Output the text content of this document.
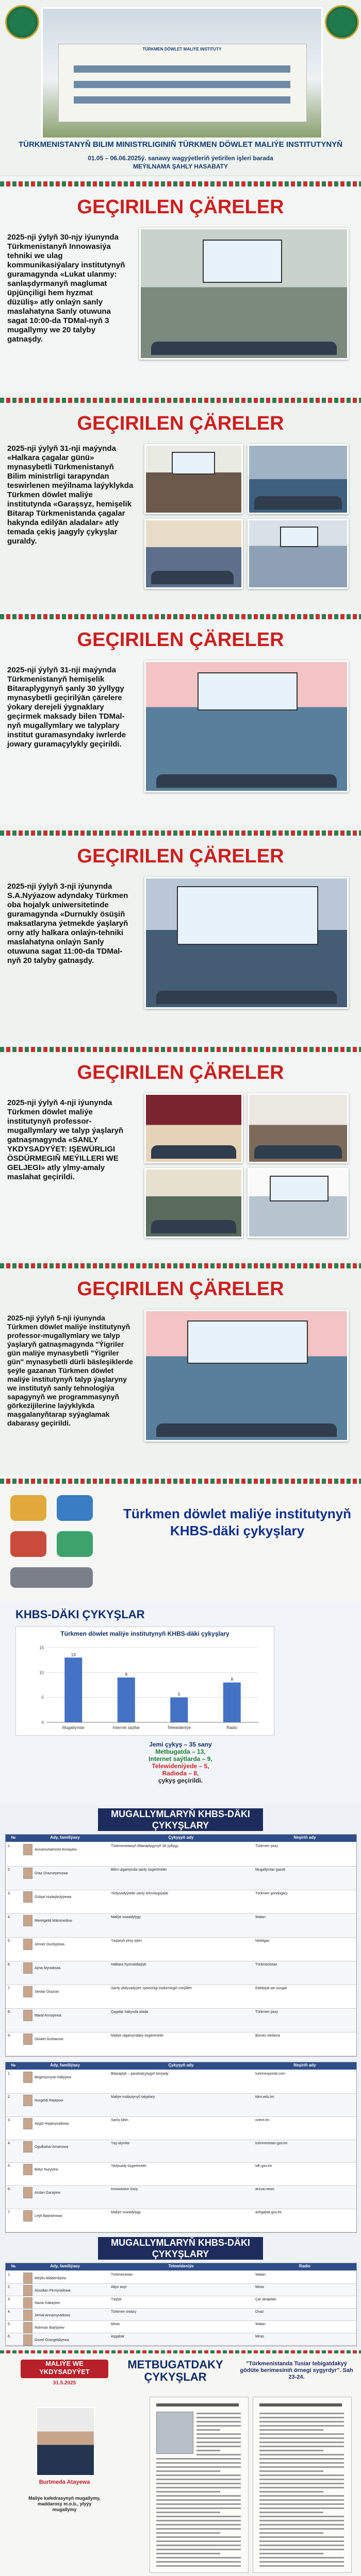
TÜRKMEN DÖWLET MALIÝE INSTITUTY
TÜRKMENISTANYŇ BILIM MINISTRLIGINIŇ TÜRKMEN DÖWLET MALIÝE INSTITUTYNYŇ
01.05 – 06.06.2025ý. sanawy wagyýetleriň ýetirilen işleri barada
MEÝILNAMA ŞAHLY HASABATY
GEÇIRILEN ÇÄRELER
2025-nji ýylyň 30-njy iýunynda Türkmenistanyň Innowasiýa tehniki we ulag kommunikasiýalary institutynyň guramagynda «Lukat ulanmy: sanlaşdyrmanyň maglumat üpjünçiligi hem hyzmat düzüliş» atly onlaýn sanly maslahatyna Sanly otuwuna sagat 10:00-da TDMal-nyň 3 mugallymy we 20 talyby gatnaşdy.
GEÇIRILEN ÇÄRELER
2025-nji ýylyň 31-nji maýynda «Halkara çagalar günü» mynasybetli Türkmenistanyň Bilim ministrligi tarapyndan teswirlenen meýilnama laýyklykda Türkmen döwlet maliýe institutynda «Garaşsyz, hemişelik Bitarap Türkmenistanda çagalar hakynda edilýän aladalar» atly temada çekiş jaagyly çykyşlar guraldy.
GEÇIRILEN ÇÄRELER
2025-nji ýylyň 31-nji maýynda Türkmenistanyň hemişelik Bitaraplygynyň şanly 30 ýyllygy mynasybetli geçirilýän çärelere ýokary derejeli ýygnaklary geçirmek maksady bilen TDMal-nyň mugallymlary we talyplary institut guramasyndaky iwrlerde jowary guramaçylykly geçirildi.
GEÇIRILEN ÇÄRELER
2025-nji ýylyň 3-nji iýunynda S.A.Nyýazow adyndaky Türkmen oba hojalyk uniwersitetinde guramagynda «Durnukly ösüşiň maksatlaryna ýetmekde ýaşlaryň orny atly halkara onlaýn-tehniki maslahatyna onlaýn Sanly otuwuna sagat 11:00-da TDMal-nyň 20 talyby gatnaşdy.
GEÇIRILEN ÇÄRELER
2025-nji ýylyň 4-nji iýunynda Türkmen döwlet maliýe institutynyň professor-mugallymlary we talyp ýaşlaryň gatnaşmagynda «SANLY YKDYSADYÝET: IŞEWÜRLIGI ÖSDÜRMEGIŇ MEÝILLERI WE GELJEGI» atly ylmy-amaly maslahat geçirildi.
GEÇIRILEN ÇÄRELER
2025-nji ýylyň 5-nji iýunynda Türkmen döwlet maliýe institutynyň professor-mugallymlary we talyp ýaşlaryň gatnaşmagynda "Ýigriler gün maliýe mynasybetli "Ýigriler gün" mynasybetli dürli bäsleşiklerde şeýle gazanan Türkmen döwlet maliýe institutynyň talyp ýaşlaryny we institutyň sanly tehnologiýa sapagynyň we programmasynyň görkezijilerine laýyklykda maşgalanyňtarap syýaglamak dabarasy geçirildi.
Türkmen döwlet maliýe institutynyň KHBS-däki çykyşlary
KHBS-DÄKI ÇYKYŞLAR
Türkmen döwlet maliýe institutynyň KHBS-däki çykyşlary
0
5
10
15
13
Mugallymlar
9
Internet saýtlar
5
Telewideniýe
8
Radio
Jemi çykyş – 35 sany
Metbugatda – 13,
Internet saýtlarda – 9,
Telewideniýede – 5,
Radioda – 8,
çykyş geçirildi.
MUGALLYMLARYŇ KHBS-DÄKI ÇYKYŞLARY
№	Ady, familiýasy	Çykyşyň ady	Neşiriň ady
1.
Annamuhammet Annayew
Türkmenistanyň Bitaraplygynyň 30 ýyllygy	Türkmen ýazy
2.
Oraz Oraznepesowa
Bilim ulgamynda sanly özgertmeler	Mugallymlar gazeti
3.
Gülşat Hudaýkulyýewa
Ykdysadyýetde sanly tehnologiýalar	Türkmen gündogary
4.
Meretgeldi Mämmedow
Maliýe sowatlylygy	Watan
5.
Jennet Durdyýewa
Ýaşlaryň ylmy işleri	Nebitgaz
6.
Aýna Myradowa
Halkara hyzmatdaşlyk	Türkmenistan
7.
Serdar Orazow
Sanly ykdysadyýet: işewürligi ösdürmegiň meýilleri	Edebiýat we sungat
8.
Maral Annaýewa
Çagalar hakynda alada	Türkmen ýazy
9.
Döwlet Gurbanow
Maliýe ulgamyndaky özgertmeler	Biznes reklama
№	Ady, familiýasy	Çykyşyň ady	Neşiriň ady
1.
Begençmyrat Hallyýew
Bitaraplyk – parahatçylygyň binýady	turkmenportal.com
2.
Nurgeldi Rejepow
Maliýe institutynyň talyplary	tdmi.edu.tm
3.
Aýgül Hojamyradowa
Sanly bilim	orient.tm
4.
Ogulbahar Amanowa
Ýaş alymlar	turkmenistan.gov.tm
5.
Batyr Nuryýew
Ykdysady özgertmeler	tdh.gov.tm
6.
Arslan Garaýew
Innowasion ösüş	arzuw.news
7.
Leýli Baýramowa
Maliýe sowatlylygy	ashgabat.gov.tm
MUGALLYMLARYŇ KHBS-DÄKI ÇYKYŞLARY
№	Ady, familiýasy	Telewideniýe	Radio
1.
Meýlis Allaberdiýew
Türkmenistan	Watan
2.
Aýsoltan Pirmyradowa
Altyn asyr	Miras
3.
Nazar Kakaýew
Ýaşlyk	Çar tarapdan
4.
Jemal Annamyradowa
Türkmen owazy	Ovaz
5.
Rahman Baýlyýew
Miras	Watan
6.
Gözel Orazgeldiýewa
Aşgabat	Miras
MALIÝE WE YKDYSADYÝET
31.5.2025
METBUGATDAKY ÇYKYŞLAR
Burtmeda Atayewa
Maliýe kafedrasynyň mugallymy, maddarosy m.o.b., ylyýy mugallymy
"Türkmenistanda Tusiar tebigatdakyý gödüte berimesiniň örnegi sygyrdyr". Sah 23-24.
